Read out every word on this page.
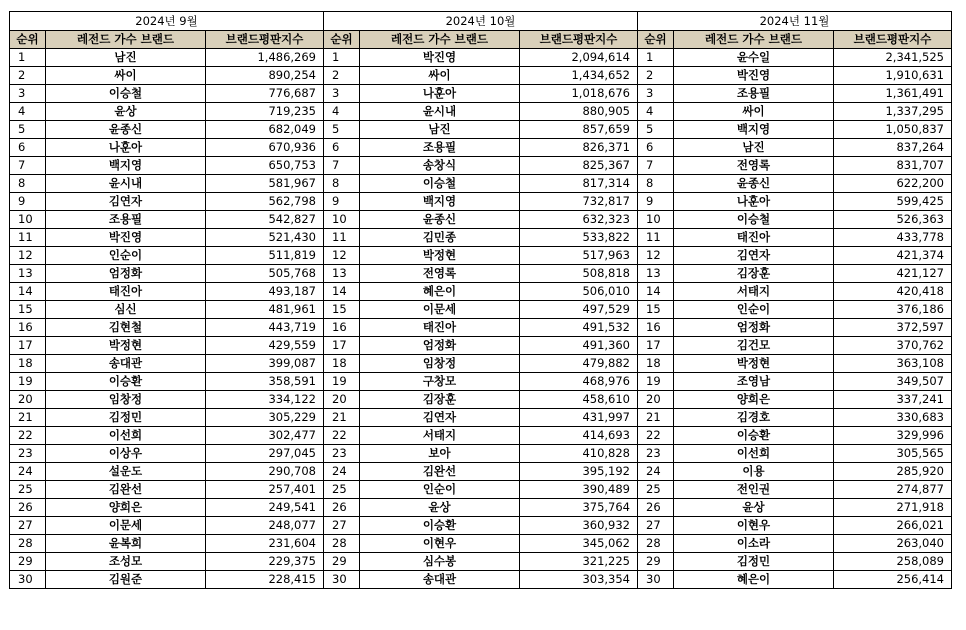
2024년 9월		
순위	레전드 가수 브랜드	브랜드평판지수
1	남진	1,486,269
2	싸이	890,254
3	이승철	776,687
4	윤상	719,235
5	윤종신	682,049
6	나훈아	670,936
7	백지영	650,753
8	윤시내	581,967
9	김연자	562,798
10	조용필	542,827
11	박진영	521,430
12	인순이	511,819
13	엄정화	505,768
14	태진아	493,187
15	심신	481,961
16	김현철	443,719
17	박정현	429,559
18	송대관	399,087
19	이승환	358,591
20	임창정	334,122
21	김정민	305,229
22	이선희	302,477
23	이상우	297,045
24	설운도	290,708
25	김완선	257,401
26	양희은	249,541
27	이문세	248,077
28	윤복희	231,604
29	조성모	229,375
30	김원준	228,415
2024년 10월		
순위	레전드 가수 브랜드	브랜드평판지수
1	박진영	2,094,614
2	싸이	1,434,652
3	나훈아	1,018,676
4	윤시내	880,905
5	남진	857,659
6	조용필	826,371
7	송창식	825,367
8	이승철	817,314
9	백지영	732,817
10	윤종신	632,323
11	김민종	533,822
12	박정현	517,963
13	전영록	508,818
14	혜은이	506,010
15	이문세	497,529
16	태진아	491,532
17	엄정화	491,360
18	임창정	479,882
19	구창모	468,976
20	김장훈	458,610
21	김연자	431,997
22	서태지	414,693
23	보아	410,828
24	김완선	395,192
25	인순이	390,489
26	윤상	375,764
27	이승환	360,932
28	이현우	345,062
29	심수봉	321,225
30	송대관	303,354
2024년 11월		
순위	레전드 가수 브랜드	브랜드평판지수
1	윤수일	2,341,525
2	박진영	1,910,631
3	조용필	1,361,491
4	싸이	1,337,295
5	백지영	1,050,837
6	남진	837,264
7	전영록	831,707
8	윤종신	622,200
9	나훈아	599,425
10	이승철	526,363
11	태진아	433,778
12	김연자	421,374
13	김장훈	421,127
14	서태지	420,418
15	인순이	376,186
16	엄정화	372,597
17	김건모	370,762
18	박정현	363,108
19	조영남	349,507
20	양희은	337,241
21	김경호	330,683
22	이승환	329,996
23	이선희	305,565
24	이용	285,920
25	전인권	274,877
26	윤상	271,918
27	이현우	266,021
28	이소라	263,040
29	김정민	258,089
30	혜은이	256,414
